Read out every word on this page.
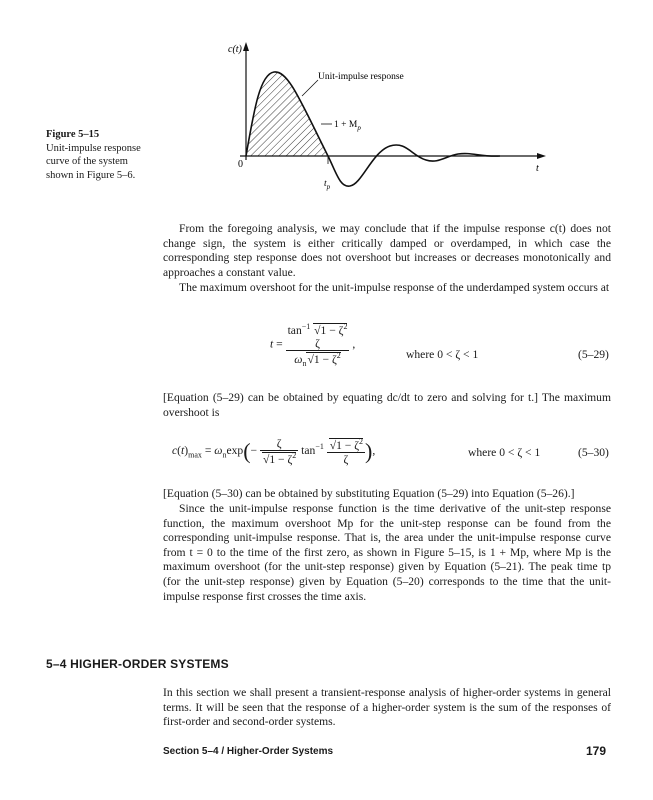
Figure 5–15
Unit-impulse response curve of the system shown in Figure 5–6.
c(t)
0	t
Unit-impulse response
$1 + M_p$
$t_p$

From the foregoing analysis, we may conclude that if the impulse response c(t) does not change sign, the system is either critically damped or overdamped, in which case the corresponding step response does not overshoot but increases or decreases monotonically and approaches a constant value.

The maximum overshoot for the unit-impulse response of the underdamped system occurs at

t =
$\tan^{-1} √1 - \zeta^2$
ζ
$\omega_n√1 - \zeta^2$
,
where 0 < ζ < 1	(5–29)

[Equation (5–29) can be obtained by equating dc/dt to zero and solving for t.] The maximum overshoot is

$c(t)_{max} = \omega_n\exp(- \frac{\zeta}{√1 - \zeta^2} \tan^{-1} \frac{√1 - \zeta^2}{\zeta}$ ),	where 0 < ζ < 1	(5–30)

[Equation (5–30) can be obtained by substituting Equation (5–29) into Equation (5–26).]

Since the unit-impulse response function is the time derivative of the unit-step response function, the maximum overshoot Mp for the unit-step response can be found from the corresponding unit-impulse response. That is, the area under the unit-impulse response curve from t = 0 to the time of the first zero, as shown in Figure 5–15, is 1 + Mp, where Mp is the maximum overshoot (for the unit-step response) given by Equation (5–21). The peak time tp (for the unit-step response) given by Equation (5–20) corresponds to the time that the unit-impulse response first crosses the time axis.

5–4 HIGHER-ORDER SYSTEMS

In this section we shall present a transient-response analysis of higher-order systems in general terms. It will be seen that the response of a higher-order system is the sum of the responses of first-order and second-order systems.

Section 5–4 / Higher-Order Systems	179
